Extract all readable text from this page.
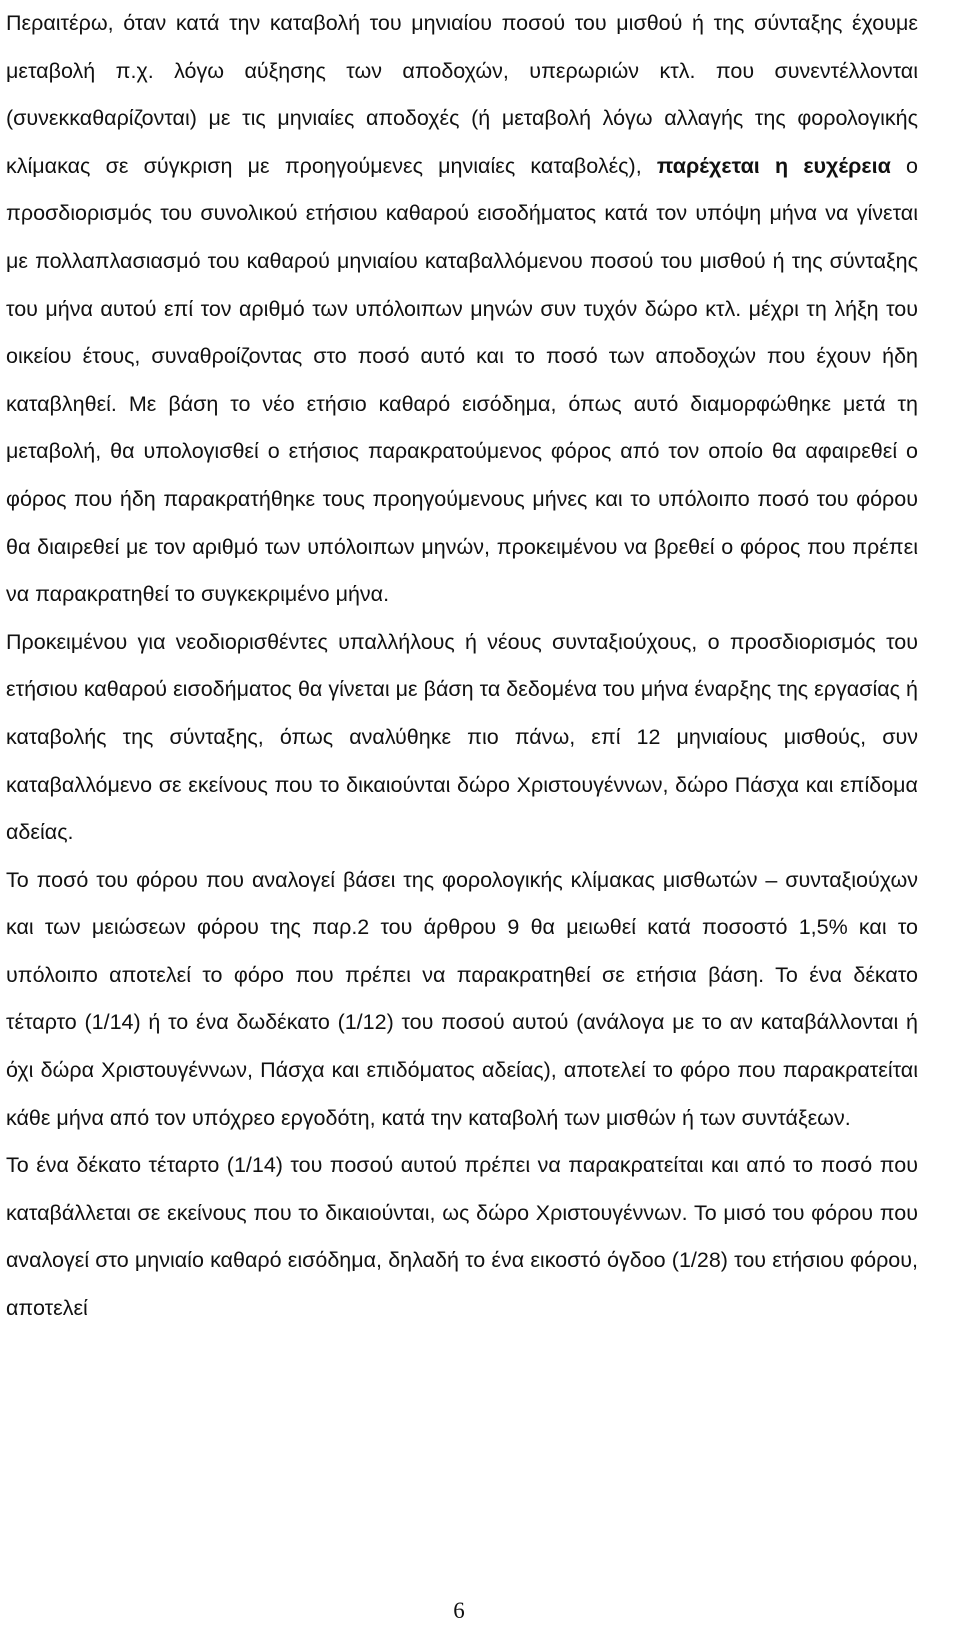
Περαιτέρω, όταν κατά την καταβολή του μηνιαίου ποσού του μισθού ή της σύνταξης έχουμε μεταβολή π.χ. λόγω αύξησης των αποδοχών, υπερωριών κτλ. που συνεντέλλονται (συνεκκαθαρίζονται) με τις μηνιαίες αποδοχές (ή μεταβολή λόγω αλλαγής της φορολογικής κλίμακας σε σύγκριση με προηγούμενες μηνιαίες καταβολές), παρέχεται η ευχέρεια ο προσδιορισμός του συνολικού ετήσιου καθαρού εισοδήματος κατά τον υπόψη μήνα να γίνεται με πολλαπλασιασμό του καθαρού μηνιαίου καταβαλλόμενου ποσού του μισθού ή της σύνταξης του μήνα αυτού επί τον αριθμό των υπόλοιπων μηνών συν τυχόν δώρο κτλ. μέχρι τη λήξη του οικείου έτους, συναθροίζοντας στο ποσό αυτό και το ποσό των αποδοχών που έχουν ήδη καταβληθεί. Με βάση το νέο ετήσιο καθαρό εισόδημα, όπως αυτό διαμορφώθηκε μετά τη μεταβολή, θα υπολογισθεί ο ετήσιος παρακρατούμενος φόρος από τον οποίο θα αφαιρεθεί ο φόρος που ήδη παρακρατήθηκε τους προηγούμενους μήνες και το υπόλοιπο ποσό του φόρου θα διαιρεθεί με τον αριθμό των υπόλοιπων μηνών, προκειμένου να βρεθεί ο φόρος που πρέπει να παρακρατηθεί το συγκεκριμένο μήνα.

Προκειμένου για νεοδιορισθέντες υπαλλήλους ή νέους συνταξιούχους, ο προσδιορισμός του ετήσιου καθαρού εισοδήματος θα γίνεται με βάση τα δεδομένα του μήνα έναρξης της εργασίας ή καταβολής της σύνταξης, όπως αναλύθηκε πιο πάνω, επί 12 μηνιαίους μισθούς, συν καταβαλλόμενο σε εκείνους που το δικαιούνται δώρο Χριστουγέννων, δώρο Πάσχα και επίδομα αδείας.

Το ποσό του φόρου που αναλογεί βάσει της φορολογικής κλίμακας μισθωτών – συνταξιούχων και των μειώσεων φόρου της παρ.2 του άρθρου 9 θα μειωθεί κατά ποσοστό 1,5% και το υπόλοιπο αποτελεί το φόρο που πρέπει να παρακρατηθεί σε ετήσια βάση. Το ένα δέκατο τέταρτο (1/14) ή το ένα δωδέκατο (1/12) του ποσού αυτού (ανάλογα με το αν καταβάλλονται ή όχι δώρα Χριστουγέννων, Πάσχα και επιδόματος αδείας), αποτελεί το φόρο που παρακρατείται κάθε μήνα από τον υπόχρεο εργοδότη, κατά την καταβολή των μισθών ή των συντάξεων.

Το ένα δέκατο τέταρτο (1/14) του ποσού αυτού πρέπει να παρακρατείται και από το ποσό που καταβάλλεται σε εκείνους που το δικαιούνται, ως δώρο Χριστουγέννων. Το μισό του φόρου που αναλογεί στο μηνιαίο καθαρό εισόδημα, δηλαδή το ένα εικοστό όγδοο (1/28) του ετήσιου φόρου, αποτελεί

6
